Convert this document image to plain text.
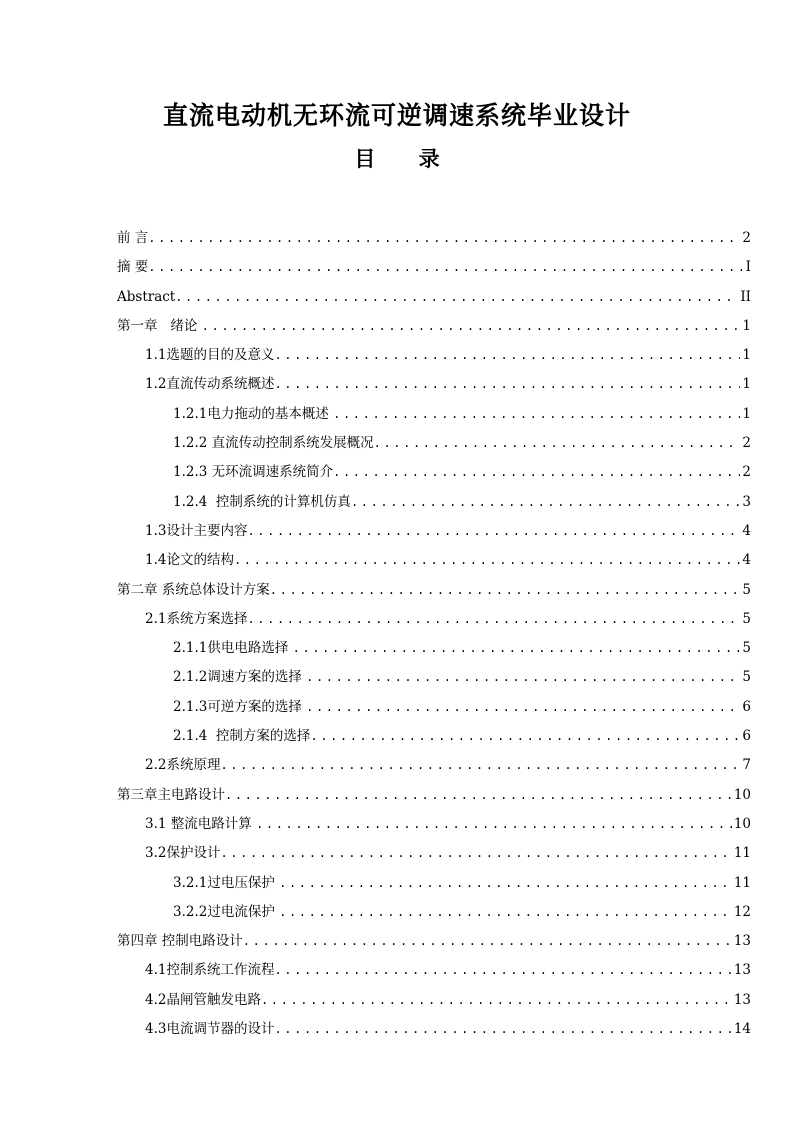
直流电动机无环流可逆调速系统毕业设计
目 录
前 言 .....	2
摘 要 .....	I
Abstract .....	II
第一章   绪论 .....	1
1.1选题的目的及意义 .....	1
1.2直流传动系统概述 .....	1
1.2.1电力拖动的基本概述 .....	1
1.2.2 直流传动控制系统发展概况 .....	2
1.2.3 无环流调速系统简介 .....	2
1.2.4  控制系统的计算机仿真 .....	3
1.3设计主要内容 .....	4
1.4论文的结构 .....	4
第二章 系统总体设计方案 .....	5
2.1系统方案选择 .....	5
2.1.1供电电路选择 .....	5
2.1.2调速方案的选择 .....	5
2.1.3可逆方案的选择 .....	6
2.1.4  控制方案的选择 .....	6
2.2系统原理 .....	7
第三章主电路设计 .....	10
3.1 整流电路计算 .....	10
3.2保护设计 .....	11
3.2.1过电压保护 .....	11
3.2.2过电流保护 .....	12
第四章 控制电路设计 .....	13
4.1控制系统工作流程 .....	13
4.2晶闸管触发电路 .....	13
4.3电流调节器的设计 .....	14
